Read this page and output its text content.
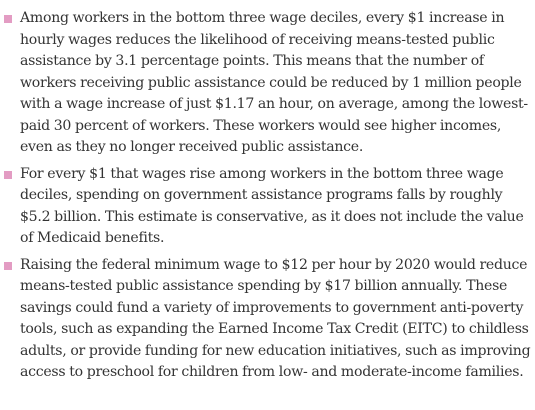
Among workers in the bottom three wage deciles, every $1 increase in hourly wages reduces the likelihood of receiving means-tested public assistance by 3.1 percentage points. This means that the number of workers receiving public assistance could be reduced by 1 million people with a wage increase of just $1.17 an hour, on average, among the lowest-paid 30 percent of workers. These workers would see higher incomes, even as they no longer received public assistance.
For every $1 that wages rise among workers in the bottom three wage deciles, spending on government assistance programs falls by roughly $5.2 billion. This estimate is conservative, as it does not include the value of Medicaid benefits.
Raising the federal minimum wage to $12 per hour by 2020 would reduce means-tested public assistance spending by $17 billion annually. These savings could fund a variety of improvements to government anti-poverty tools, such as expanding the Earned Income Tax Credit (EITC) to childless adults, or provide funding for new education initiatives, such as improving access to preschool for children from low- and moderate-income families.
